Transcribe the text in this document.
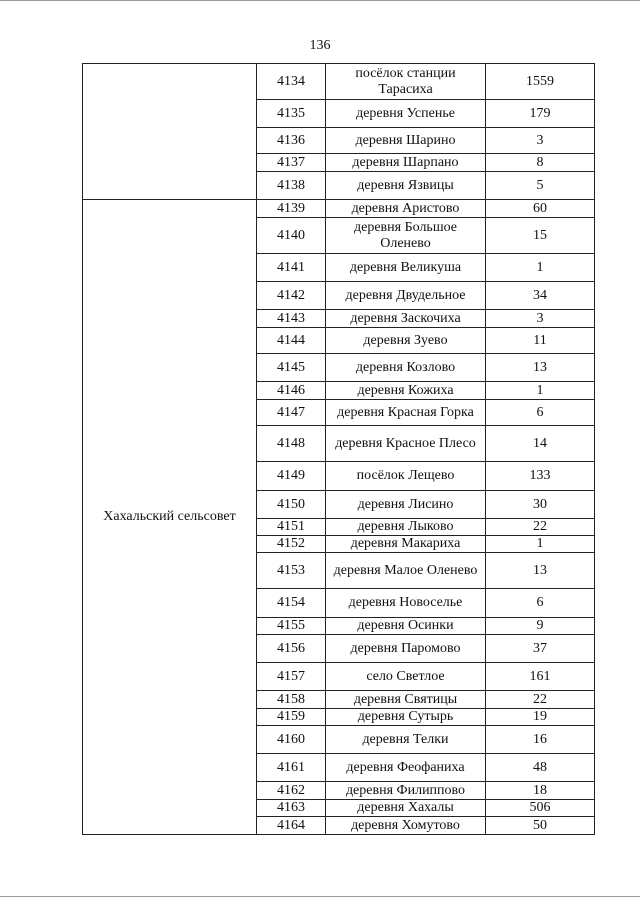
136
	4134	посёлок станции Тарасиха	1559
	4135	деревня Успенье	179
	4136	деревня Шарино	3
	4137	деревня Шарпано	8
	4138	деревня Язвицы	5
Хахальский сельсовет	4139	деревня Аристово	60
	4140	деревня Большое Оленево	15
	4141	деревня Великуша	1
	4142	деревня Двудельное	34
	4143	деревня Заскочиха	3
	4144	деревня Зуево	11
	4145	деревня Козлово	13
	4146	деревня Кожиха	1
	4147	деревня Красная Горка	6
	4148	деревня Красное Плесо	14
	4149	посёлок Лещево	133
	4150	деревня Лисино	30
	4151	деревня Лыково	22
	4152	деревня Макариха	1
	4153	деревня Малое Оленево	13
	4154	деревня Новоселье	6
	4155	деревня Осинки	9
	4156	деревня Паромово	37
	4157	село Светлое	161
	4158	деревня Святицы	22
	4159	деревня Сутырь	19
	4160	деревня Телки	16
	4161	деревня Феофаниха	48
	4162	деревня Филиппово	18
	4163	деревня Хахалы	506
	4164	деревня Хомутово	50
